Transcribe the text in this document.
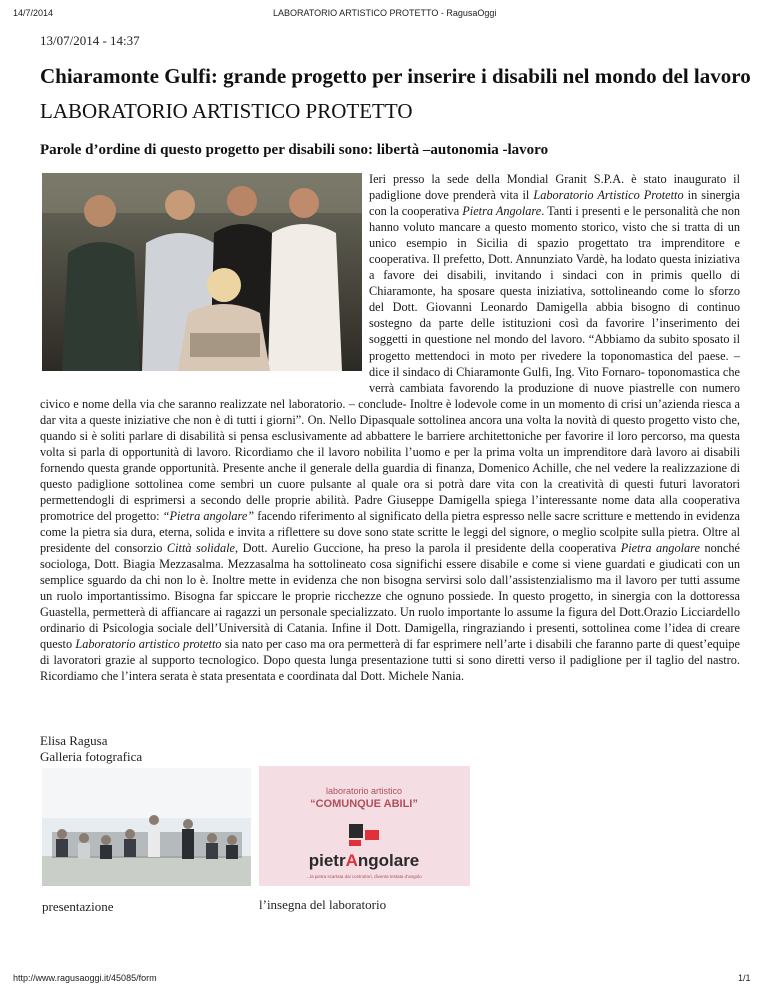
14/7/2014	LABORATORIO ARTISTICO PROTETTO - RagusaOggi
13/07/2014 - 14:37
Chiaramonte Gulfi: grande progetto per inserire i disabili nel mondo del lavoro
LABORATORIO ARTISTICO PROTETTO
Parole d’ordine di questo progetto per disabili sono: libertà –autonomia -lavoro
Ieri presso la sede della Mondial Granit S.P.A. è stato inaugurato il padiglione dove prenderà vita il Laboratorio Artistico Protetto in sinergia con la cooperativa Pietra Angolare. Tanti i presenti e le personalità che non hanno voluto mancare a questo momento storico, visto che si tratta di un unico esempio in Sicilia di spazio progettato tra imprenditore e cooperativa. Il prefetto, Dott. Annunziato Vardè, ha lodato questa iniziativa a favore dei disabili, invitando i sindaci con in primis quello di Chiaramonte, ha sposare questa iniziativa, sottolineando come lo sforzo del Dott. Giovanni Leonardo Damigella abbia bisogno di continuo sostegno da parte delle istituzioni così da favorire l’inserimento dei soggetti in questione nel mondo del lavoro. “Abbiamo da subito sposato il progetto mettendoci in moto per rivedere la toponomastica del paese. – dice il sindaco di Chiaramonte Gulfi, Ing. Vito Fornaro- toponomastica che verrà cambiata favorendo la produzione di nuove piastrelle con numero civico e nome della via che saranno realizzate nel laboratorio. – conclude- Inoltre è lodevole come in un momento di crisi un’azienda riesca a dar vita a queste iniziative che non è di tutti i giorni”. On. Nello Dipasquale sottolinea ancora una volta la novità di questo progetto visto che, quando si è soliti parlare di disabilità si pensa esclusivamente ad abbattere le barriere architettoniche per favorire il loro percorso, ma questa volta si parla di opportunità di lavoro. Ricordiamo che il lavoro nobilita l’uomo e per la prima volta un imprenditore darà lavoro ai disabili fornendo questa grande opportunità. Presente anche il generale della guardia di finanza, Domenico Achille, che nel vedere la realizzazione di questo padiglione sottolinea come sembri un cuore pulsante al quale ora si potrà dare vita con la creatività di questi futuri lavoratori permettendogli di esprimersi a secondo delle proprie abilità. Padre Giuseppe Damigella spiega l’interessante nome data alla cooperativa promotrice del progetto: “Pietra angolare” facendo riferimento al significato della pietra espresso nelle sacre scritture e mettendo in evidenza come la pietra sia dura, eterna, solida e invita a riflettere su dove sono state scritte le leggi del signore, o meglio scolpite sulla pietra. Oltre al presidente del consorzio Città solidale, Dott. Aurelio Guccione, ha preso la parola il presidente della cooperativa Pietra angolare nonché sociologa, Dott. Biagia Mezzasalma. Mezzasalma ha sottolineato cosa significhi essere disabile e come si viene guardati e giudicati con un semplice sguardo da chi non lo è. Inoltre mette in evidenza che non bisogna servirsi solo dall’assistenzialismo ma il lavoro per tutti assume un ruolo importantissimo. Bisogna far spiccare le proprie ricchezze che ognuno possiede. In questo progetto, in sinergia con la dottoressa Guastella, permetterà di affiancare ai ragazzi un personale specializzato. Un ruolo importante lo assume la figura del Dott.Orazio Licciardello ordinario di Psicologia sociale dell’Università di Catania. Infine il Dott. Damigella, ringraziando i presenti, sottolinea come l’idea di creare questo Laboratorio artistico protetto sia nato per caso ma ora permetterà di far esprimere nell’arte i disabili che faranno parte di quest’equipe di lavoratori grazie al supporto tecnologico. Dopo questa lunga presentazione tutti si sono diretti verso il padiglione per il taglio del nastro. Ricordiamo che l’intera serata è stata presentata e coordinata dal Dott. Michele Nania.
Elisa Ragusa
Galleria fotografica
laboratorio artistico
“COMUNQUE ABILI”
pietrAngolare
...la pietra scartata dai costruttori, diventa testata d’angolo
presentazione	l’insegna del laboratorio
http://www.ragusaoggi.it/45085/form	1/1
